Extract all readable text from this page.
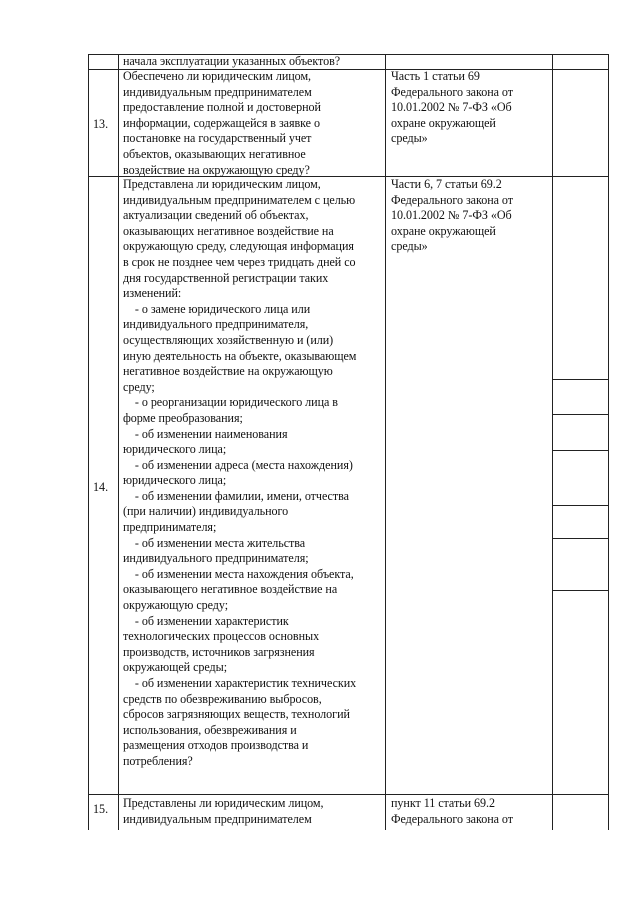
начала эксплуатации указанных объектов?
13.
Обеспечено ли юридическим лицом,
индивидуальным предпринимателем
предоставление полной и достоверной
информации, содержащейся в заявке о
постановке на государственный учет
объектов, оказывающих негативное
воздействие на окружающую среду?
Часть 1 статьи 69
Федерального закона от
10.01.2002 № 7-ФЗ «Об
охране окружающей
среды»
14.
Представлена ли юридическим лицом,
индивидуальным предпринимателем с целью
актуализации сведений об объектах,
оказывающих негативное воздействие на
окружающую среду, следующая информация
в срок не позднее чем через тридцать дней со
дня государственной регистрации таких
изменений:
- о замене юридического лица или
индивидуального предпринимателя,
осуществляющих хозяйственную и (или)
иную деятельность на объекте, оказывающем
негативное воздействие на окружающую
среду;
- о реорганизации юридического лица в
форме преобразования;
- об изменении наименования
юридического лица;
- об изменении адреса (места нахождения)
юридического лица;
- об изменении фамилии, имени, отчества
(при наличии) индивидуального
предпринимателя;
- об изменении места жительства
индивидуального предпринимателя;
- об изменении места нахождения объекта,
оказывающего негативное воздействие на
окружающую среду;
- об изменении характеристик
технологических процессов основных
производств, источников загрязнения
окружающей среды;
- об изменении характеристик технических
средств по обезвреживанию выбросов,
сбросов загрязняющих веществ, технологий
использования, обезвреживания и
размещения отходов производства и
потребления?
Части 6, 7 статьи 69.2
Федерального закона от
10.01.2002 № 7-ФЗ «Об
охране окружающей
среды»
15. Представлены ли юридическим лицом,
индивидуальным предпринимателем
пункт 11 статьи 69.2
Федерального закона от
